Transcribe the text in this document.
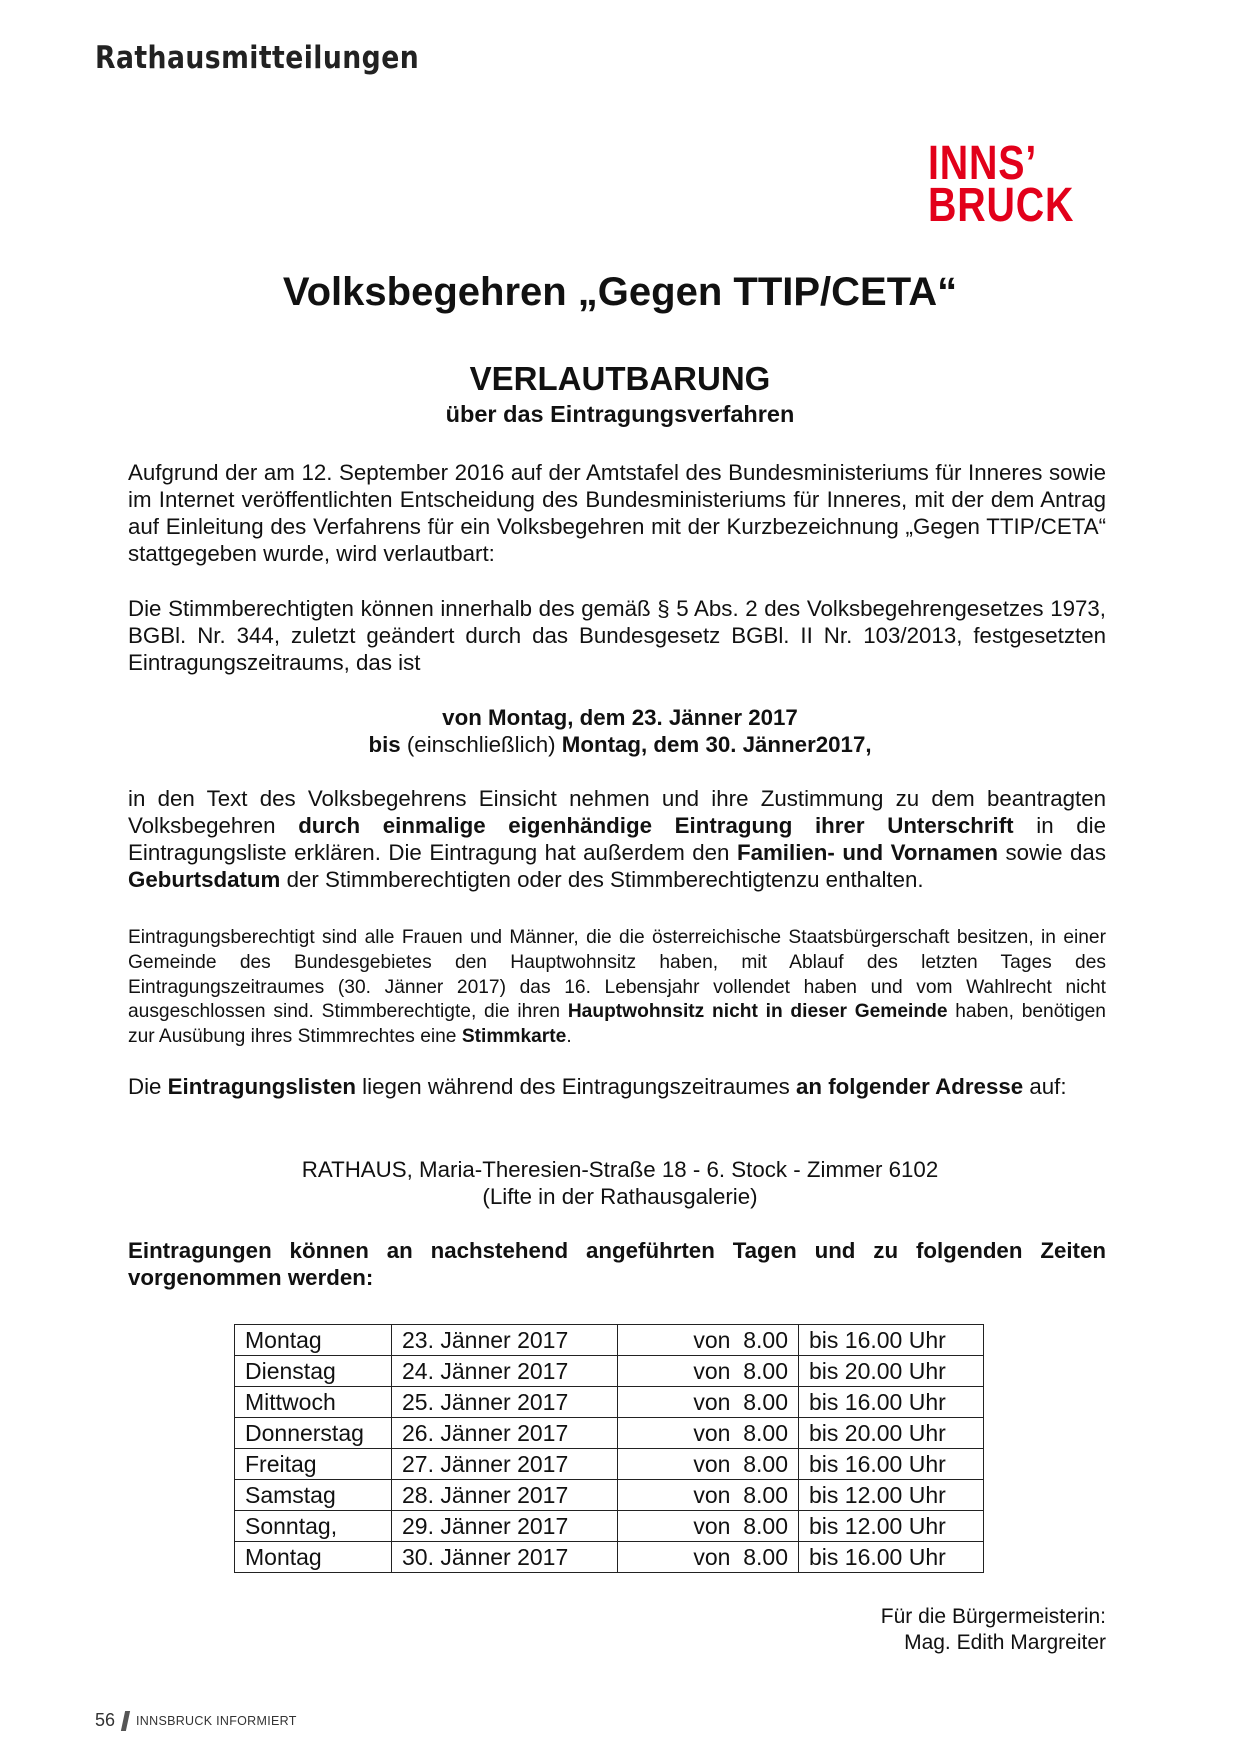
Rathausmitteilungen
INNS’
BRUCK
Volksbegehren „Gegen TTIP/CETA“
VERLAUTBARUNG
über das Eintragungsverfahren
Aufgrund der am 12. September 2016 auf der Amtstafel des Bundesministeriums für Inneres sowie im Internet veröffentlichten Entscheidung des Bundesministeriums für Inneres, mit der dem Antrag auf Einleitung des Verfahrens für ein Volksbegehren mit der Kurzbezeichnung „Gegen TTIP/CETA“ stattgegeben wurde, wird verlautbart:
Die Stimmberechtigten können innerhalb des gemäß § 5 Abs. 2 des Volksbegehrengesetzes 1973, BGBl. Nr. 344, zuletzt geändert durch das Bundesgesetz BGBl. II Nr. 103/2013, festgesetzten Eintragungszeitraums, das ist
von Montag, dem 23. Jänner 2017
bis (einschließlich) Montag, dem 30. Jänner2017,
in den Text des Volksbegehrens Einsicht nehmen und ihre Zustimmung zu dem beantragten Volksbegehren durch einmalige eigenhändige Eintragung ihrer Unterschrift in die Eintragungsliste erklären. Die Eintragung hat außerdem den Familien- und Vornamen sowie das Geburtsdatum der Stimmberechtigten oder des Stimmberechtigtenzu enthalten.
Eintragungsberechtigt sind alle Frauen und Männer, die die österreichische Staatsbürgerschaft besitzen, in einer Gemeinde des Bundesgebietes den Hauptwohnsitz haben, mit Ablauf des letzten Tages des Eintragungszeitraumes (30. Jänner 2017) das 16. Lebensjahr vollendet haben und vom Wahlrecht nicht ausgeschlossen sind. Stimmberechtigte, die ihren Hauptwohnsitz nicht in dieser Gemeinde haben, benötigen zur Ausübung ihres Stimmrechtes eine Stimmkarte.
Die Eintragungslisten liegen während des Eintragungszeitraumes an folgender Adresse auf:
RATHAUS, Maria-Theresien-Straße 18 - 6. Stock - Zimmer 6102
(Lifte in der Rathausgalerie)
Eintragungen können an nachstehend angeführten Tagen und zu folgenden Zeiten vorgenommen werden:
Montag	23. Jänner 2017	von  8.00	bis 16.00 Uhr
Dienstag	24. Jänner 2017	von  8.00	bis 20.00 Uhr
Mittwoch	25. Jänner 2017	von  8.00	bis 16.00 Uhr
Donnerstag	26. Jänner 2017	von  8.00	bis 20.00 Uhr
Freitag	27. Jänner 2017	von  8.00	bis 16.00 Uhr
Samstag	28. Jänner 2017	von  8.00	bis 12.00 Uhr
Sonntag,	29. Jänner 2017	von  8.00	bis 12.00 Uhr
Montag	30. Jänner 2017	von  8.00	bis 16.00 Uhr
Für die Bürgermeisterin:
Mag. Edith Margreiter
56 INNSBRUCK INFORMIERT
